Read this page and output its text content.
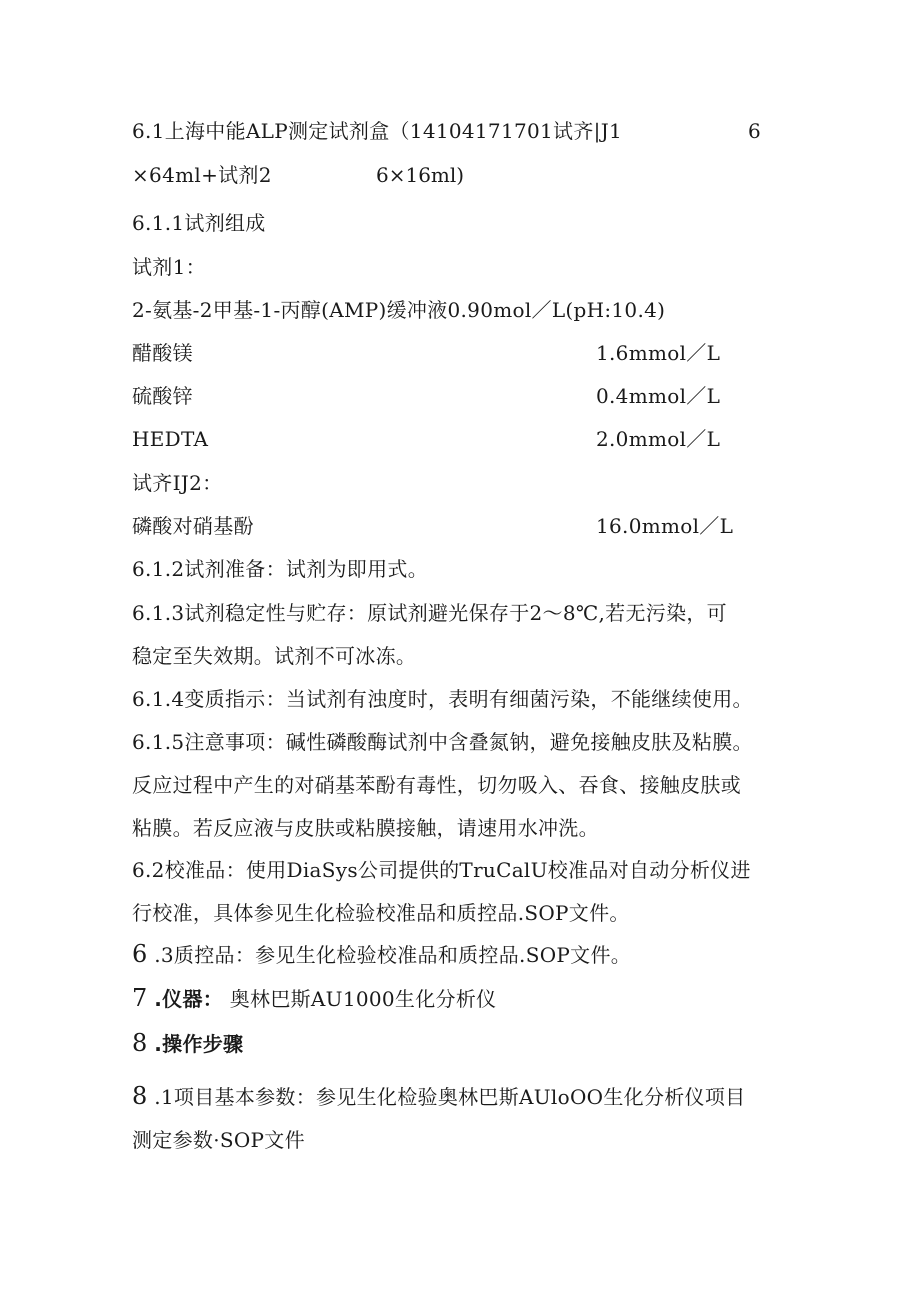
6.1上海中能ALP测定试剂盒（14104171701试齐|J1	6
×64ml+试剂2	6×16ml)
6.1.1试剂组成
试剂1：
2-氨基-2甲基-1-丙醇(AMP)缓冲液0.90mol／L(pH:10.4)
醋酸镁	1.6mmol／L
硫酸锌	0.4mmol／L
HEDTA	2.0mmol／L
试齐IJ2：
磷酸对硝基酚	16.0mmol／L
6.1.2试剂准备：试剂为即用式。
6.1.3试剂稳定性与贮存：原试剂避光保存于2～8℃,若无污染，可
稳定至失效期。试剂不可冰冻。
6.1.4变质指示：当试剂有浊度时，表明有细菌污染，不能继续使用。
6.1.5注意事项：碱性磷酸酶试剂中含叠氮钠，避免接触皮肤及粘膜。
反应过程中产生的对硝基苯酚有毒性，切勿吸入、吞食、接触皮肤或
粘膜。若反应液与皮肤或粘膜接触，请速用水冲洗。
6.2校准品：使用DiaSys公司提供的TruCalU校准品对自动分析仪进
行校准，具体参见生化检验校准品和质控品.SOP文件。
6 .3质控品：参见生化检验校准品和质控品.SOP文件。
7 .仪器： 奥林巴斯AU1000生化分析仪
8 .操作步骤
8 .1项目基本参数：参见生化检验奥林巴斯AUloOO生化分析仪项目
测定参数·SOP文件
